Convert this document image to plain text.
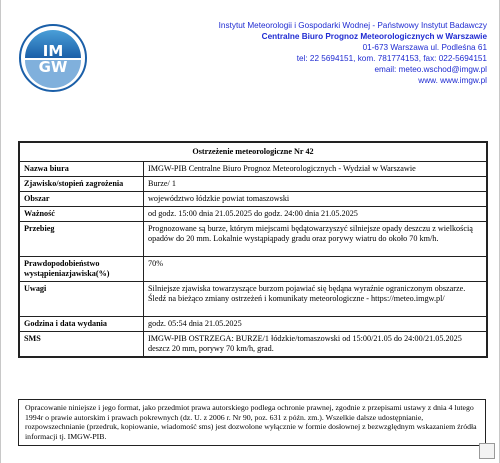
IM
GW
Instytut Meteorologii i Gospodarki Wodnej - Państwowy Instytut Badawczy
Centralne Biuro Prognoz Meteorologicznych w Warszawie
01-673 Warszawa ul. Podleśna 61
tel: 22 5694151, kom. 781774153, fax: 022-5694151
email: meteo.wschod@imgw.pl
www. www.imgw.pl
Ostrzeżenie meteorologiczne Nr 42	
Nazwa biura	IMGW-PIB Centralne Biuro Prognoz Meteorologicznych - Wydział w Warszawie
Zjawisko/stopień zagrożenia	Burze/ 1
Obszar	województwo łódzkie powiat tomaszowski
Ważność	od godz. 15:00 dnia 21.05.2025 do godz. 24:00 dnia 21.05.2025
Przebieg	Prognozowane są burze, którym miejscami będątowarzyszyć silniejsze opady deszczu z wielkością opadów do 20 mm. Lokalnie wystąpiąpady gradu oraz porywy wiatru do około 70 km/h.
Prawdopodobieństwo wystąpieniazjawiska(%)	70%
Uwagi	Silniejsze zjawiska towarzyszące burzom pojawiać się będąna wyraźnie ograniczonym obszarze. Śledź na bieżąco zmiany ostrzeżeń i komunikaty meteorologiczne - https://meteo.imgw.pl/
Godzina i data wydania	godz. 05:54 dnia 21.05.2025
SMS	IMGW-PIB OSTRZEGA: BURZE/1 łódzkie/tomaszowski od 15:00/21.05 do 24:00/21.05.2025 deszcz 20 mm, porywy 70 km/h, grad.
Opracowanie niniejsze i jego format, jako przedmiot prawa autorskiego podlega ochronie prawnej, zgodnie z przepisami ustawy z dnia 4 lutego 1994r o prawie autorskim i prawach pokrewnych (dz. U. z 2006 r. Nr 90, poz. 631 z późn. zm.). Wszelkie dalsze udostępnianie, rozpowszechnianie (przedruk, kopiowanie, wiadomość sms) jest dozwolone wyłącznie w formie dosłownej z bezwzględnym wskazaniem źródła informacji tj. IMGW-PIB.
